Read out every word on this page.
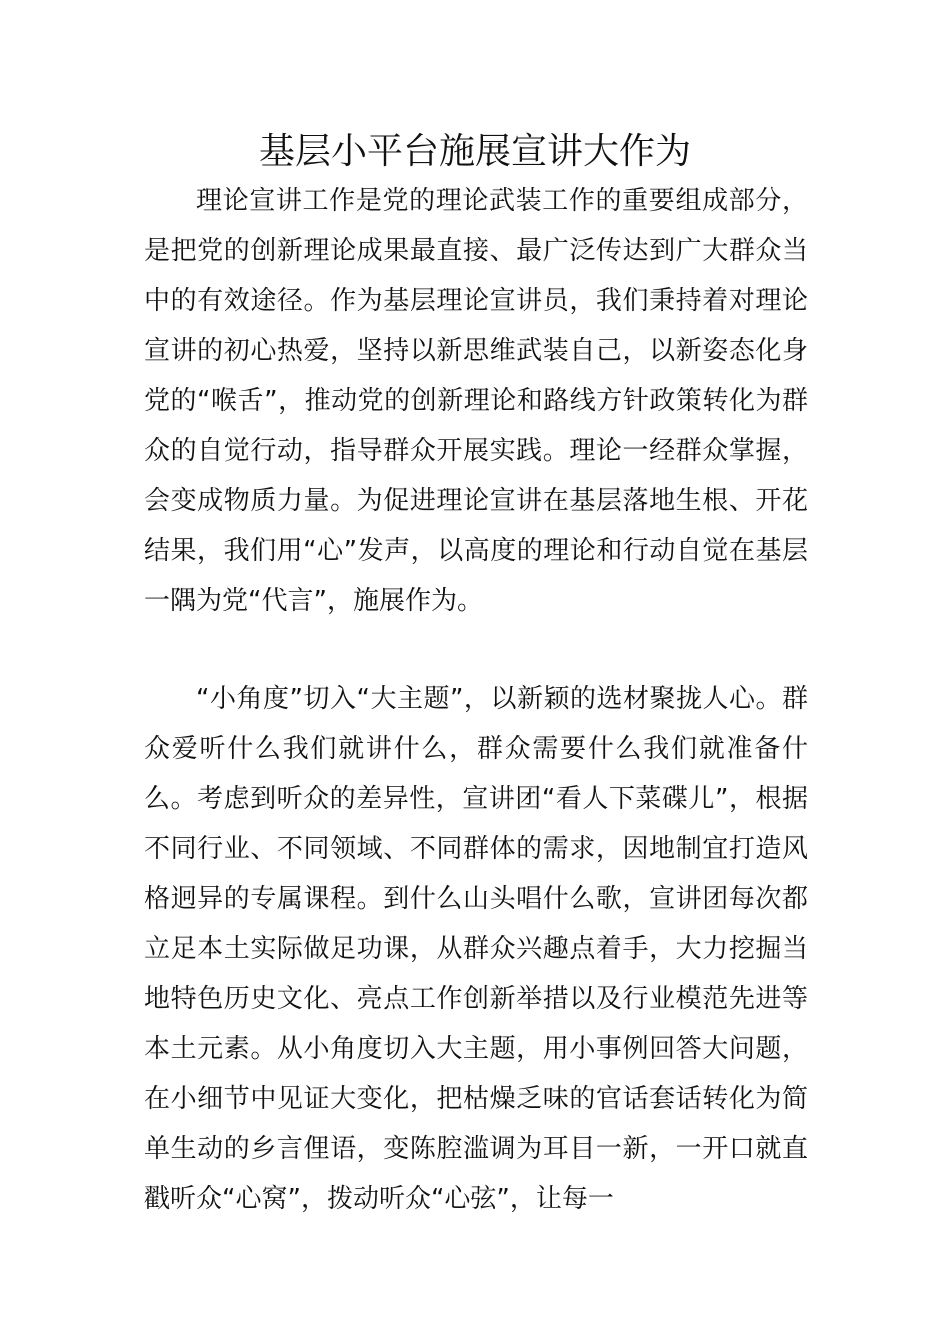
基层小平台施展宣讲大作为

理论宣讲工作是党的理论武装工作的重要组成部分，是把党的创新理论成果最直接、最广泛传达到广大群众当中的有效途径。作为基层理论宣讲员，我们秉持着对理论宣讲的初心热爱，坚持以新思维武装自己，以新姿态化身党的“喉舌”，推动党的创新理论和路线方针政策转化为群众的自觉行动，指导群众开展实践。理论一经群众掌握，会变成物质力量。为促进理论宣讲在基层落地生根、开花结果，我们用“心”发声，以高度的理论和行动自觉在基层一隅为党“代言”，施展作为。

“小角度”切入“大主题”，以新颖的选材聚拢人心。群众爱听什么我们就讲什么，群众需要什么我们就准备什么。考虑到听众的差异性，宣讲团“看人下菜碟儿”，根据不同行业、不同领域、不同群体的需求，因地制宜打造风格迥异的专属课程。到什么山头唱什么歌，宣讲团每次都立足本土实际做足功课，从群众兴趣点着手，大力挖掘当地特色历史文化、亮点工作创新举措以及行业模范先进等本土元素。从小角度切入大主题，用小事例回答大问题，在小细节中见证大变化，把枯燥乏味的官话套话转化为简单生动的乡言俚语，变陈腔滥调为耳目一新，一开口就直戳听众“心窝”，拨动听众“心弦”，让每一
